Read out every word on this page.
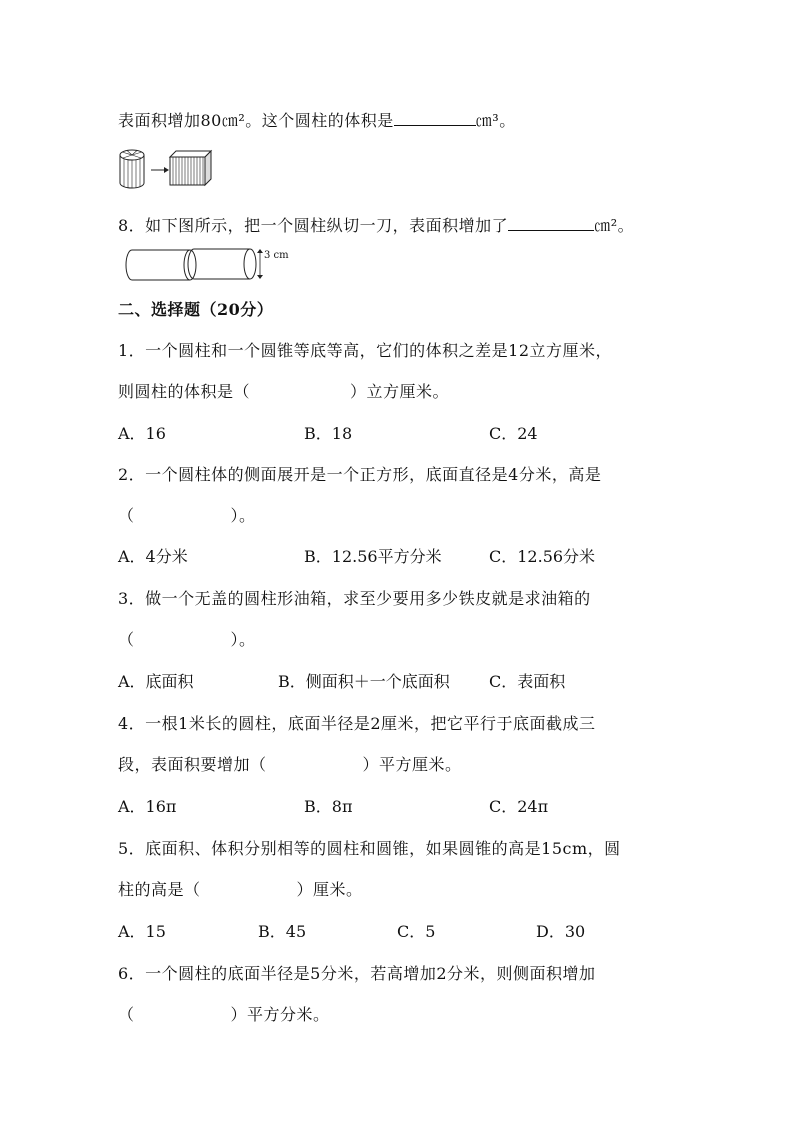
表面积增加80㎝²。这个圆柱的体积是	㎝³。
8．如下图所示，把一个圆柱纵切一刀，表面积增加了	㎝²。
3 cm
二、选择题（20分）
1．一个圆柱和一个圆锥等底等高，它们的体积之差是12立方厘米，
则圆柱的体积是（	）立方厘米。
A．16	B．18	C．24
2．一个圆柱体的侧面展开是一个正方形，底面直径是4分米，高是
（	）。
A．4分米	B．12.56平方分米	C．12.56分米
3．做一个无盖的圆柱形油箱，求至少要用多少铁皮就是求油箱的
（	）。
A．底面积	B．侧面积＋一个底面积 C．表面积
4．一根1米长的圆柱，底面半径是2厘米，把它平行于底面截成三
段，表面积要增加（	）平方厘米。
A．16π	B．8π	C．24π
5．底面积、体积分别相等的圆柱和圆锥，如果圆锥的高是15cm，圆
柱的高是（	）厘米。
A．15	B．45	C．5	D．30
6．一个圆柱的底面半径是5分米，若高增加2分米，则侧面积增加
（	）平方分米。
